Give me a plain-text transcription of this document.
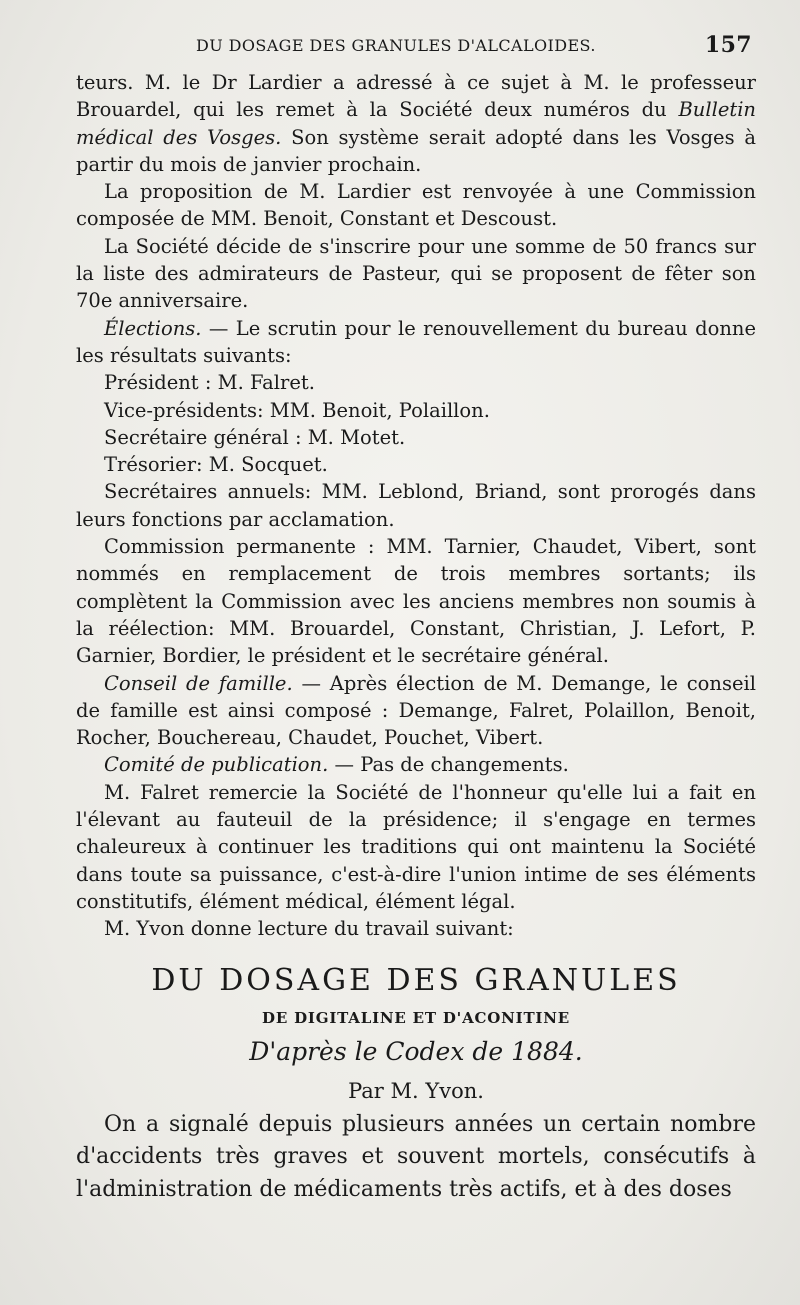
DU DOSAGE DES GRANULES D'ALCALOIDES.	157

teurs. M. le Dr Lardier a adressé à ce sujet à M. le professeur Brouardel, qui les remet à la Société deux numéros du Bulletin médical des Vosges. Son système serait adopté dans les Vosges à partir du mois de janvier prochain.

La proposition de M. Lardier est renvoyée à une Commission composée de MM. Benoit, Constant et Descoust.

La Société décide de s'inscrire pour une somme de 50 francs sur la liste des admirateurs de Pasteur, qui se proposent de fêter son 70e anniversaire.

Élections. — Le scrutin pour le renouvellement du bureau donne les résultats suivants:

Président : M. Falret.

Vice-présidents: MM. Benoit, Polaillon.

Secrétaire général : M. Motet.

Trésorier: M. Socquet.

Secrétaires annuels: MM. Leblond, Briand, sont prorogés dans leurs fonctions par acclamation.

Commission permanente : MM. Tarnier, Chaudet, Vibert, sont nommés en remplacement de trois membres sortants; ils complètent la Commission avec les anciens membres non soumis à la réélection: MM. Brouardel, Constant, Christian, J. Lefort, P. Garnier, Bordier, le président et le secrétaire général.

Conseil de famille. — Après élection de M. Demange, le conseil de famille est ainsi composé : Demange, Falret, Polaillon, Benoit, Rocher, Bouchereau, Chaudet, Pouchet, Vibert.

Comité de publication. — Pas de changements.

M. Falret remercie la Société de l'honneur qu'elle lui a fait en l'élevant au fauteuil de la présidence; il s'engage en termes chaleureux à continuer les traditions qui ont maintenu la Société dans toute sa puissance, c'est-à-dire l'union intime de ses éléments constitutifs, élément médical, élément légal.

M. Yvon donne lecture du travail suivant:

DU DOSAGE DES GRANULES
DE DIGITALINE ET D'ACONITINE
D'après le Codex de 1884.
Par M. Yvon.

On a signalé depuis plusieurs années un certain nombre d'accidents très graves et souvent mortels, consécutifs à l'administration de médicaments très actifs, et à des doses
